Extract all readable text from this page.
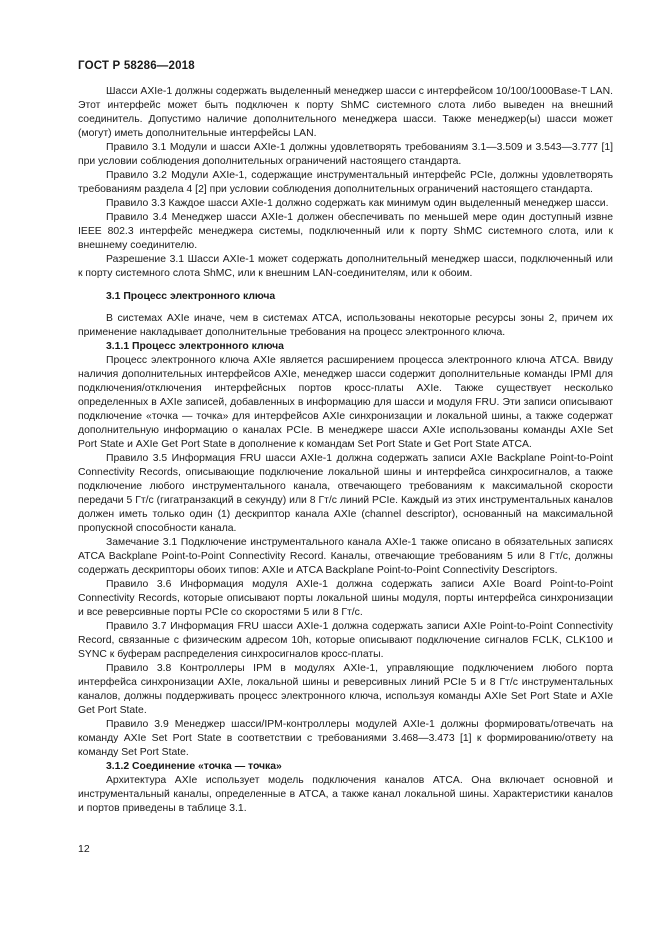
ГОСТ Р 58286—2018

Шасси AXIe-1 должны содержать выделенный менеджер шасси с интерфейсом 10/100/1000Base-T LAN. Этот интерфейс может быть подключен к порту ShMC системного слота либо выведен на внешний соединитель. Допустимо наличие дополнительного менеджера шасси. Также менеджер(ы) шасси может (могут) иметь дополнительные интерфейсы LAN.

Правило 3.1 Модули и шасси AXIe-1 должны удовлетворять требованиям 3.1—3.509 и 3.543—3.777 [1] при условии соблюдения дополнительных ограничений настоящего стандарта.

Правило 3.2 Модули AXIe-1, содержащие инструментальный интерфейс PCIe, должны удовлетворять требованиям раздела 4 [2] при условии соблюдения дополнительных ограничений настоящего стандарта.

Правило 3.3 Каждое шасси AXIe-1 должно содержать как минимум один выделенный менеджер шасси.

Правило 3.4 Менеджер шасси AXIe-1 должен обеспечивать по меньшей мере один доступный извне IEEE 802.3 интерфейс менеджера системы, подключенный или к порту ShMC системного слота, или к внешнему соединителю.

Разрешение 3.1 Шасси AXIe-1 может содержать дополнительный менеджер шасси, подключенный или к порту системного слота ShMC, или к внешним LAN-соединителям, или к обоим.

3.1 Процесс электронного ключа

В системах AXIe иначе, чем в системах ATCA, использованы некоторые ресурсы зоны 2, причем их применение накладывает дополнительные требования на процесс электронного ключа.

3.1.1 Процесс электронного ключа

Процесс электронного ключа AXIe является расширением процесса электронного ключа ATCA. Ввиду наличия дополнительных интерфейсов AXIe, менеджер шасси содержит дополнительные команды IPMI для подключения/отключения интерфейсных портов кросс-платы AXIe. Также существует несколько определенных в AXIe записей, добавленных в информацию для шасси и модуля FRU. Эти записи описывают подключение «точка — точка» для интерфейсов AXIe синхронизации и локальной шины, а также содержат дополнительную информацию о каналах PCIe. В менеджере шасси AXIe использованы команды AXIe Set Port State и AXIe Get Port State в дополнение к командам Set Port State и Get Port State ATCA.

Правило 3.5 Информация FRU шасси AXIe-1 должна содержать записи AXIe Backplane Point-to-Point Connectivity Records, описывающие подключение локальной шины и интерфейса синхросигналов, а также подключение любого инструментального канала, отвечающего требованиям к максимальной скорости передачи 5 Гт/с (гигатранзакций в секунду) или 8 Гт/с линий PCIe. Каждый из этих инструментальных каналов должен иметь только один (1) дескриптор канала AXIe (channel descriptor), основанный на максимальной пропускной способности канала.

Замечание 3.1 Подключение инструментального канала AXIe-1 также описано в обязательных записях ATCA Backplane Point-to-Point Connectivity Record. Каналы, отвечающие требованиям 5 или 8 Гт/с, должны содержать дескрипторы обоих типов: AXIe и ATCA Backplane Point-to-Point Connectivity Descriptors.

Правило 3.6 Информация модуля AXIe-1 должна содержать записи AXIe Board Point-to-Point Connectivity Records, которые описывают порты локальной шины модуля, порты интерфейса синхронизации и все реверсивные порты PCIe со скоростями 5 или 8 Гт/с.

Правило 3.7 Информация FRU шасси AXIe-1 должна содержать записи AXIe Point-to-Point Connectivity Record, связанные с физическим адресом 10h, которые описывают подключение сигналов FCLK, CLK100 и SYNC к буферам распределения синхросигналов кросс-платы.

Правило 3.8 Контроллеры IPM в модулях AXIe-1, управляющие подключением любого порта интерфейса синхронизации AXIe, локальной шины и реверсивных линий PCIe 5 и 8 Гт/с инструментальных каналов, должны поддерживать процесс электронного ключа, используя команды AXIe Set Port State и AXIe Get Port State.

Правило 3.9 Менеджер шасси/IPM-контроллеры модулей AXIe-1 должны формировать/отвечать на команду AXIe Set Port State в соответствии с требованиями 3.468—3.473 [1] к формированию/ответу на команду Set Port State.

3.1.2 Соединение «точка — точка»

Архитектура AXIe использует модель подключения каналов ATCA. Она включает основной и инструментальный каналы, определенные в ATCA, а также канал локальной шины. Характеристики каналов и портов приведены в таблице 3.1.

12
